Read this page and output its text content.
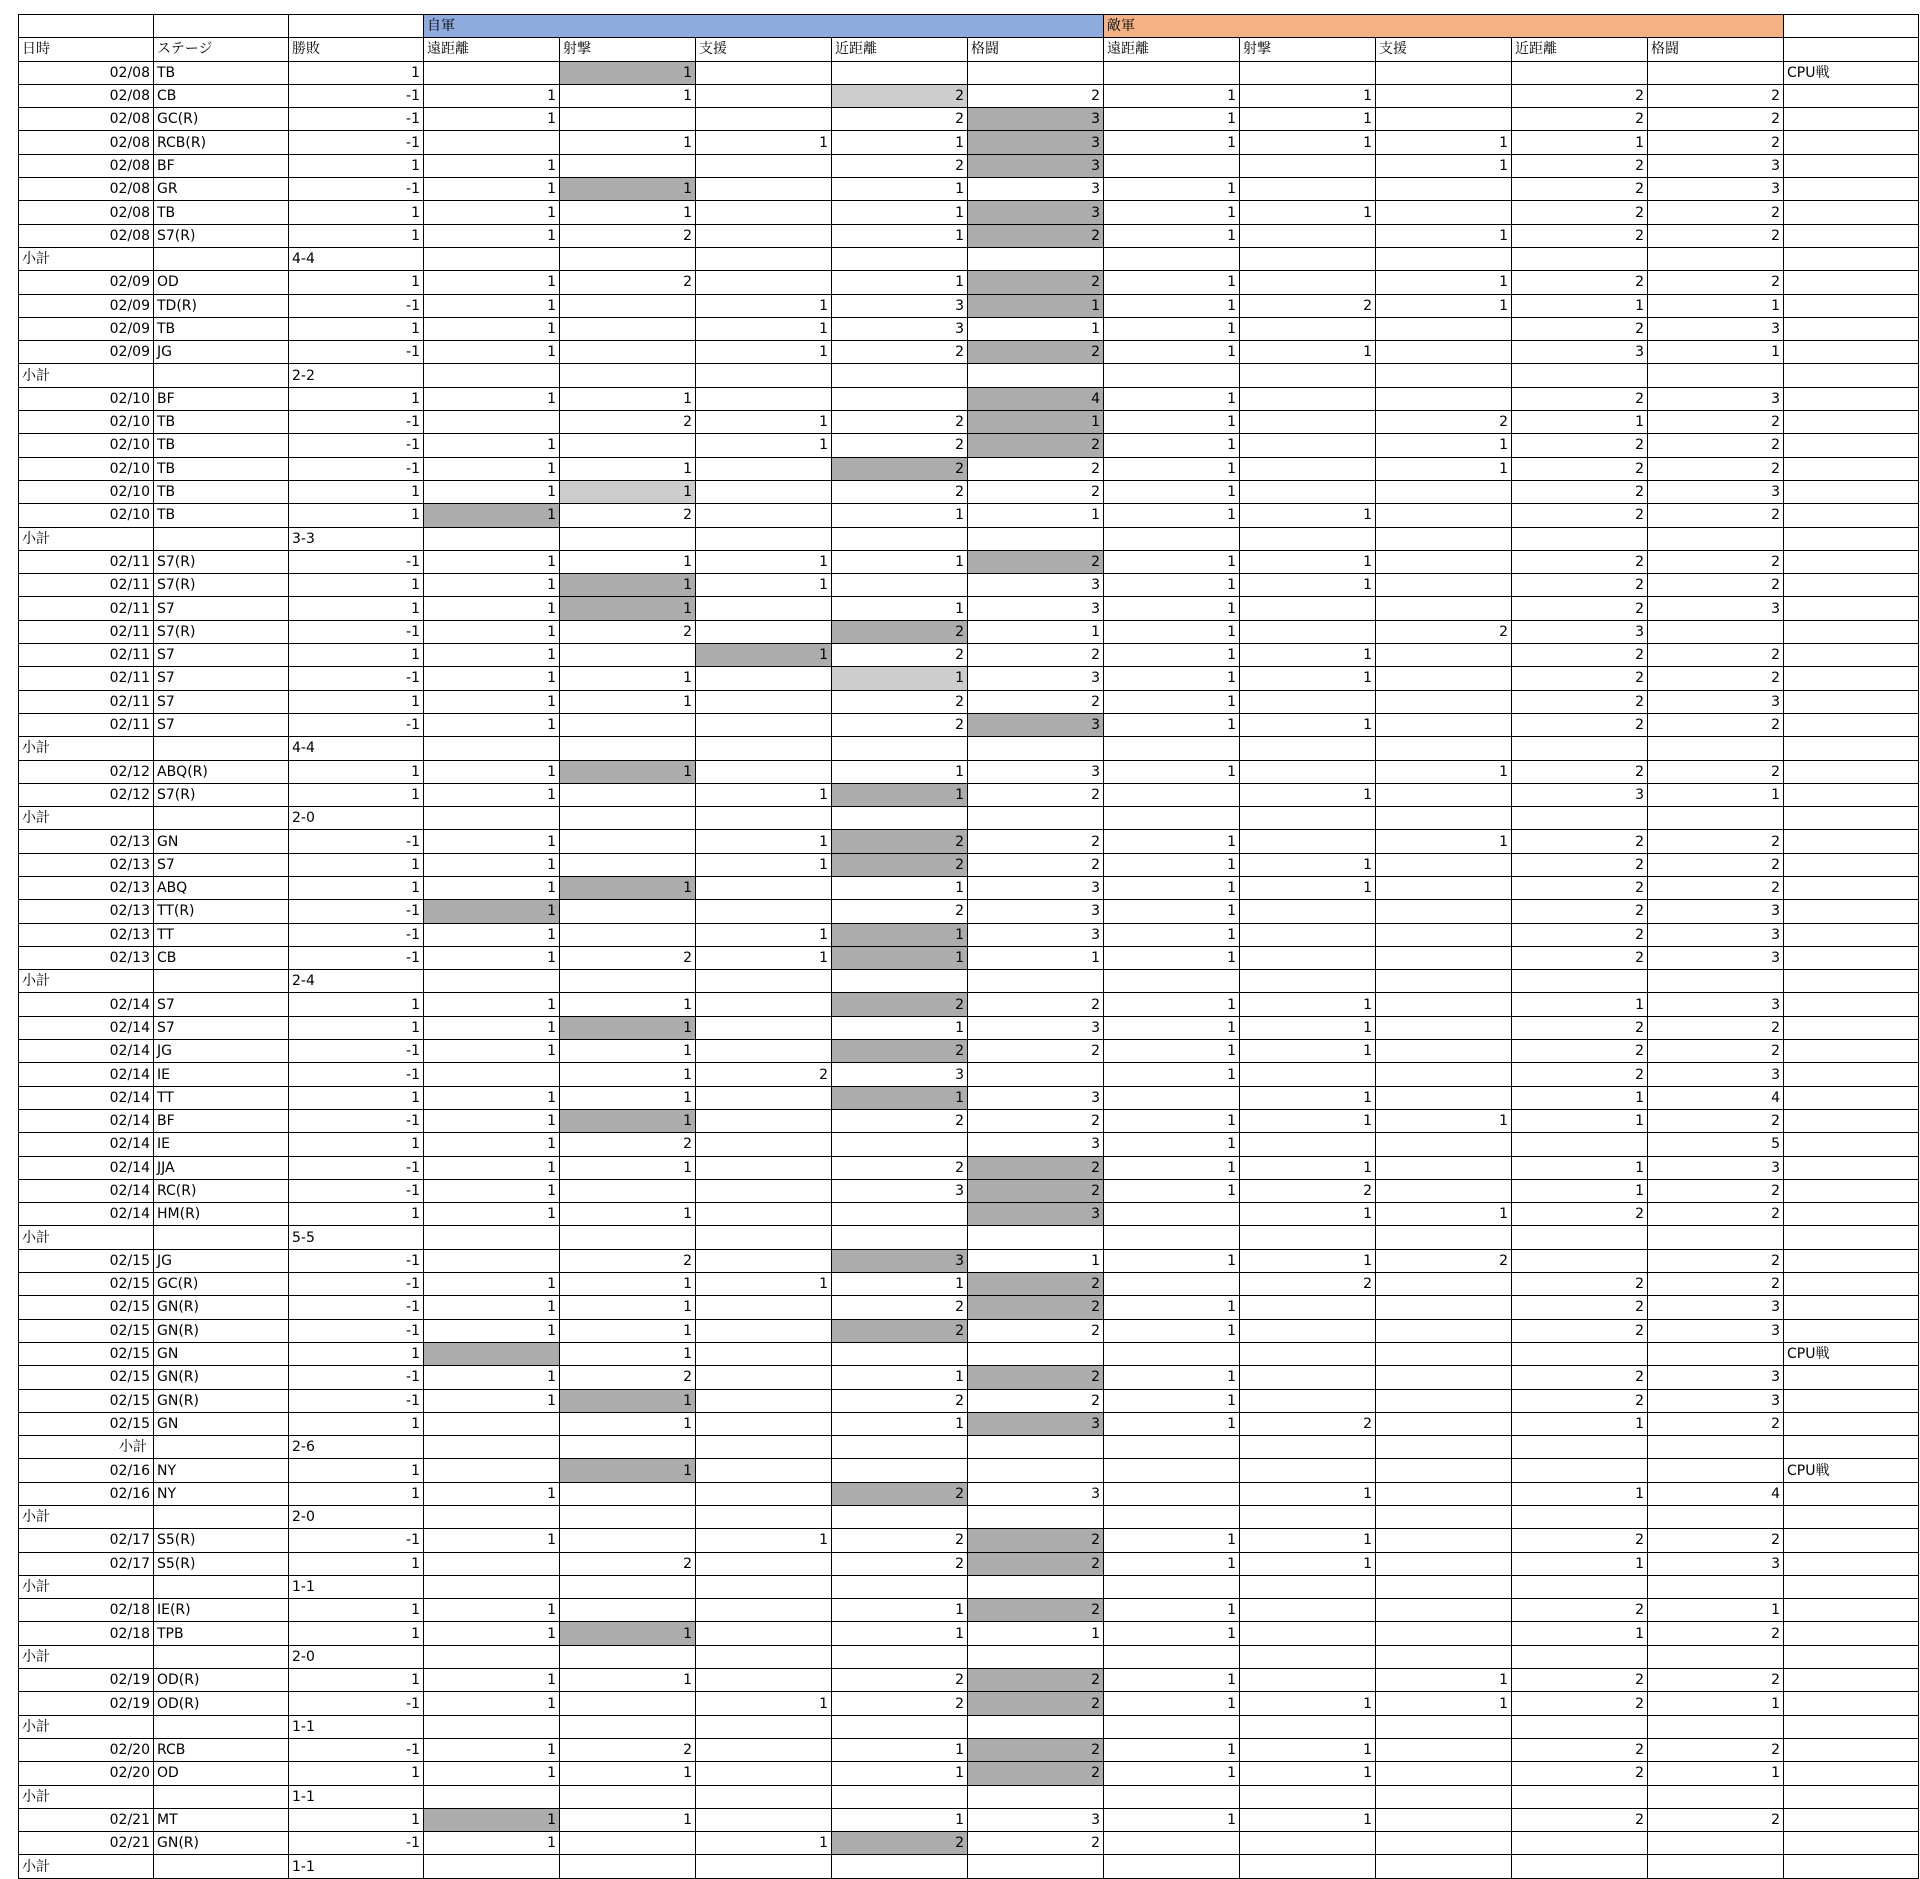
			自軍					敵軍					
日時	ステージ	勝敗	遠距離	射撃	支援	近距離	格闘	遠距離	射撃	支援	近距離	格闘	
02/08	TB	1		1									CPU戦
02/08	CB	-1	1	1		2	2	1	1		2	2	
02/08	GC(R)	-1	1			2	3	1	1		2	2	
02/08	RCB(R)	-1		1	1	1	3	1	1	1	1	2	
02/08	BF	1	1			2	3			1	2	3	
02/08	GR	-1	1	1		1	3	1			2	3	
02/08	TB	1	1	1		1	3	1	1		2	2	
02/08	S7(R)	1	1	2		1	2	1		1	2	2	
小計		4-4											
02/09	OD	1	1	2		1	2	1		1	2	2	
02/09	TD(R)	-1	1		1	3	1	1	2	1	1	1	
02/09	TB	1	1		1	3	1	1			2	3	
02/09	JG	-1	1		1	2	2	1	1		3	1	
小計		2-2											
02/10	BF	1	1	1			4	1			2	3	
02/10	TB	-1		2	1	2	1	1		2	1	2	
02/10	TB	-1	1		1	2	2	1		1	2	2	
02/10	TB	-1	1	1		2	2	1		1	2	2	
02/10	TB	1	1	1		2	2	1			2	3	
02/10	TB	1	1	2		1	1	1	1		2	2	
小計		3-3											
02/11	S7(R)	-1	1	1	1	1	2	1	1		2	2	
02/11	S7(R)	1	1	1	1		3	1	1		2	2	
02/11	S7	1	1	1		1	3	1			2	3	
02/11	S7(R)	-1	1	2		2	1	1		2	3		
02/11	S7	1	1		1	2	2	1	1		2	2	
02/11	S7	-1	1	1		1	3	1	1		2	2	
02/11	S7	1	1	1		2	2	1			2	3	
02/11	S7	-1	1			2	3	1	1		2	2	
小計		4-4											
02/12	ABQ(R)	1	1	1		1	3	1		1	2	2	
02/12	S7(R)	1	1		1	1	2		1		3	1	
小計		2-0											
02/13	GN	-1	1		1	2	2	1		1	2	2	
02/13	S7	1	1		1	2	2	1	1		2	2	
02/13	ABQ	1	1	1		1	3	1	1		2	2	
02/13	TT(R)	-1	1			2	3	1			2	3	
02/13	TT	-1	1		1	1	3	1			2	3	
02/13	CB	-1	1	2	1	1	1	1			2	3	
小計		2-4											
02/14	S7	1	1	1		2	2	1	1		1	3	
02/14	S7	1	1	1		1	3	1	1		2	2	
02/14	JG	-1	1	1		2	2	1	1		2	2	
02/14	IE	-1		1	2	3		1			2	3	
02/14	TT	1	1	1		1	3		1		1	4	
02/14	BF	-1	1	1		2	2	1	1	1	1	2	
02/14	IE	1	1	2			3	1				5	
02/14	JJA	-1	1	1		2	2	1	1		1	3	
02/14	RC(R)	-1	1			3	2	1	2		1	2	
02/14	HM(R)	1	1	1			3		1	1	2	2	
小計		5-5											
02/15	JG	-1		2		3	1	1	1	2		2	
02/15	GC(R)	-1	1	1	1	1	2		2		2	2	
02/15	GN(R)	-1	1	1		2	2	1			2	3	
02/15	GN(R)	-1	1	1		2	2	1			2	3	
02/15	GN	1		1									CPU戦
02/15	GN(R)	-1	1	2		1	2	1			2	3	
02/15	GN(R)	-1	1	1		2	2	1			2	3	
02/15	GN	1		1		1	3	1	2		1	2	
小計		2-6											
02/16	NY	1		1									CPU戦
02/16	NY	1	1			2	3		1		1	4	
小計		2-0											
02/17	S5(R)	-1	1		1	2	2	1	1		2	2	
02/17	S5(R)	1		2		2	2	1	1		1	3	
小計		1-1											
02/18	IE(R)	1	1			1	2	1			2	1	
02/18	TPB	1	1	1		1	1	1			1	2	
小計		2-0											
02/19	OD(R)	1	1	1		2	2	1		1	2	2	
02/19	OD(R)	-1	1		1	2	2	1	1	1	2	1	
小計		1-1											
02/20	RCB	-1	1	2		1	2	1	1		2	2	
02/20	OD	1	1	1		1	2	1	1		2	1	
小計		1-1											
02/21	MT	1	1	1		1	3	1	1		2	2	
02/21	GN(R)	-1	1		1	2	2						
小計		1-1											
